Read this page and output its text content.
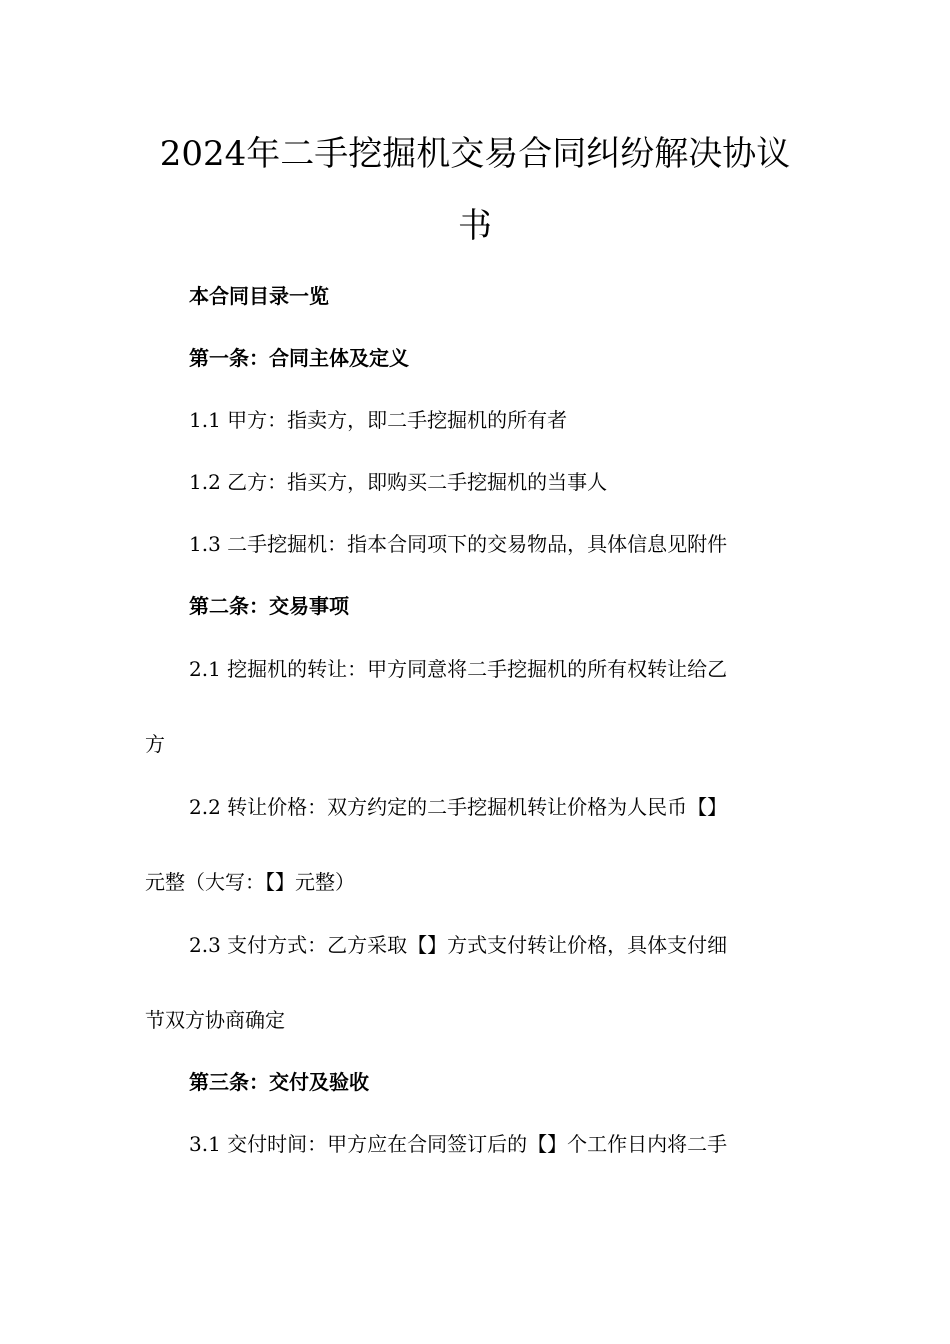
2024年二手挖掘机交易合同纠纷解决协议
书

本合同目录一览

第一条：合同主体及定义

1.1 甲方：指卖方，即二手挖掘机的所有者

1.2 乙方：指买方，即购买二手挖掘机的当事人

1.3 二手挖掘机：指本合同项下的交易物品，具体信息见附件

第二条：交易事项

2.1 挖掘机的转让：甲方同意将二手挖掘机的所有权转让给乙

方

2.2 转让价格：双方约定的二手挖掘机转让价格为人民币【】

元整（大写：【】元整）

2.3 支付方式：乙方采取【】方式支付转让价格，具体支付细

节双方协商确定

第三条：交付及验收

3.1 交付时间：甲方应在合同签订后的【】个工作日内将二手
